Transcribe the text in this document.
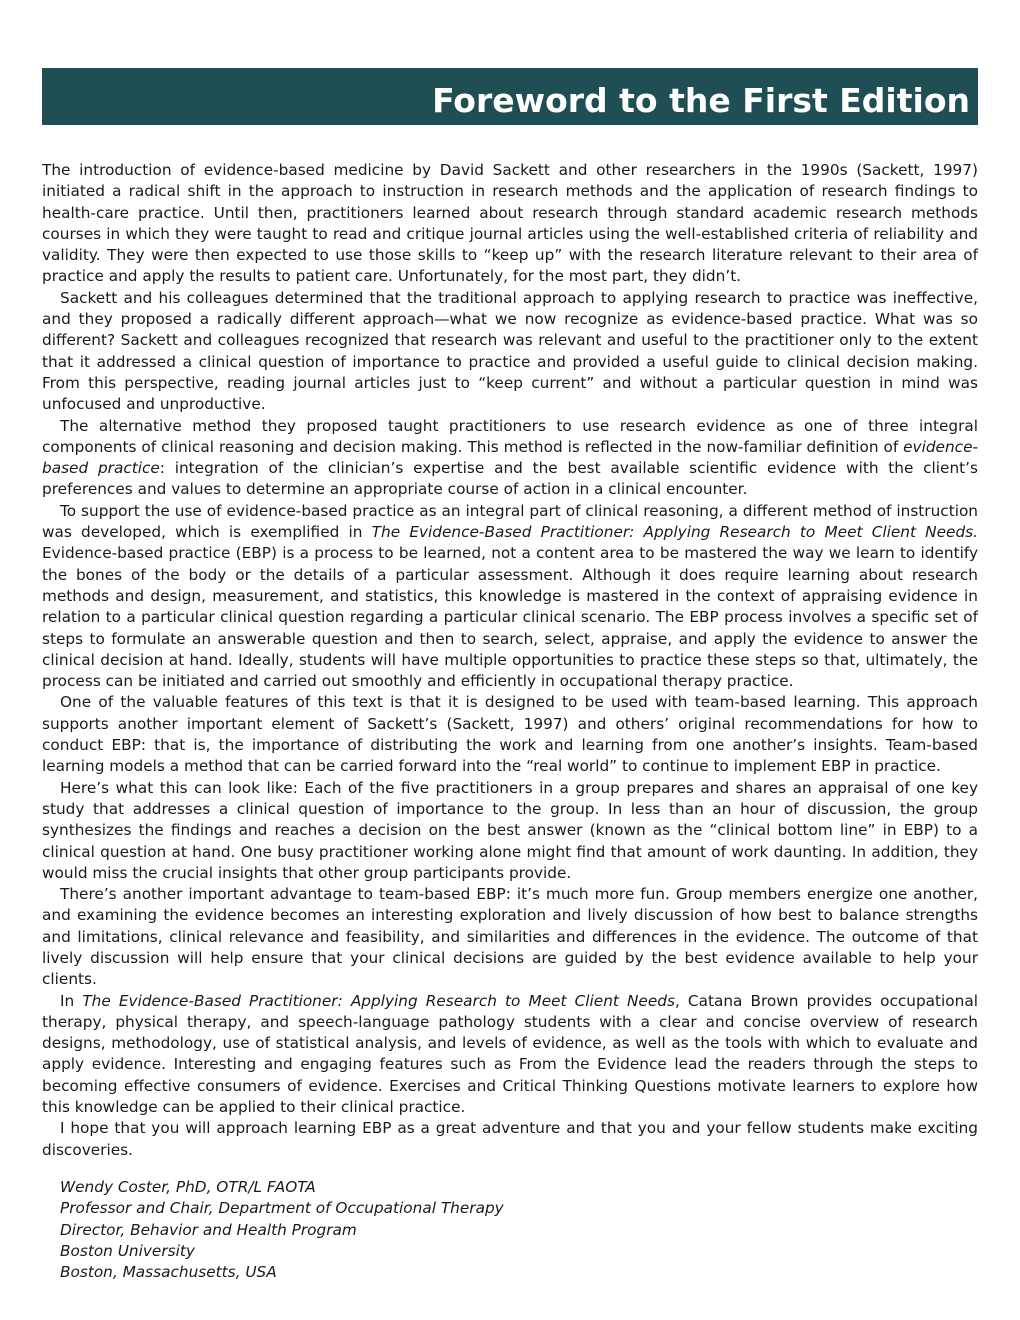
Foreword to the First Edition

The introduction of evidence-based medicine by David Sackett and other researchers in the 1990s (Sackett, 1997) initiated a radical shift in the approach to instruction in research methods and the application of research findings to health-care practice. Until then, practitioners learned about research through standard academic research methods courses in which they were taught to read and critique journal articles using the well-established criteria of reliability and validity. They were then expected to use those skills to “keep up” with the research literature relevant to their area of practice and apply the results to patient care. Unfortunately, for the most part, they didn’t.

Sackett and his colleagues determined that the traditional approach to applying research to practice was ineffective, and they proposed a radically different approach—what we now recognize as evidence-based practice. What was so different? Sackett and colleagues recognized that research was relevant and useful to the practitioner only to the extent that it addressed a clinical question of importance to practice and provided a useful guide to clinical decision making. From this perspective, reading journal articles just to “keep current” and without a particular question in mind was unfocused and unproductive.

The alternative method they proposed taught practitioners to use research evidence as one of three integral components of clinical reasoning and decision making. This method is reflected in the now-familiar definition of evidence-based practice: integration of the clinician’s expertise and the best available scientific evidence with the client’s preferences and values to determine an appropriate course of action in a clinical encounter.

To support the use of evidence-based practice as an integral part of clinical reasoning, a different method of instruction was developed, which is exemplified in The Evidence-Based Practitioner: Applying Research to Meet Client Needs. Evidence-based practice (EBP) is a process to be learned, not a content area to be mastered the way we learn to identify the bones of the body or the details of a particular assessment. Although it does require learning about research methods and design, measurement, and statistics, this knowledge is mastered in the context of appraising evidence in relation to a particular clinical question regarding a particular clinical scenario. The EBP process involves a specific set of steps to formulate an answerable question and then to search, select, appraise, and apply the evidence to answer the clinical decision at hand. Ideally, students will have multiple opportunities to practice these steps so that, ultimately, the process can be initiated and carried out smoothly and efficiently in occupational therapy practice.

One of the valuable features of this text is that it is designed to be used with team-based learning. This approach supports another important element of Sackett’s (Sackett, 1997) and others’ original recommendations for how to conduct EBP: that is, the importance of distributing the work and learning from one another’s insights. Team-based learning models a method that can be carried forward into the “real world” to continue to implement EBP in practice.

Here’s what this can look like: Each of the five practitioners in a group prepares and shares an appraisal of one key study that addresses a clinical question of importance to the group. In less than an hour of discussion, the group synthesizes the findings and reaches a decision on the best answer (known as the “clinical bottom line” in EBP) to a clinical question at hand. One busy practitioner working alone might find that amount of work daunting. In addition, they would miss the crucial insights that other group participants provide.

There’s another important advantage to team-based EBP: it’s much more fun. Group members energize one another, and examining the evidence becomes an interesting exploration and lively discussion of how best to balance strengths and limitations, clinical relevance and feasibility, and similarities and differences in the evidence. The outcome of that lively discussion will help ensure that your clinical decisions are guided by the best evidence available to help your clients.

In The Evidence-Based Practitioner: Applying Research to Meet Client Needs, Catana Brown provides occupational therapy, physical therapy, and speech-language pathology students with a clear and concise overview of research designs, methodology, use of statistical analysis, and levels of evidence, as well as the tools with which to evaluate and apply evidence. Interesting and engaging features such as From the Evidence lead the readers through the steps to becoming effective consumers of evidence. Exercises and Critical Thinking Questions motivate learners to explore how this knowledge can be applied to their clinical practice.

I hope that you will approach learning EBP as a great adventure and that you and your fellow students make exciting discoveries.

Wendy Coster, PhD, OTR/L FAOTA
Professor and Chair, Department of Occupational Therapy
Director, Behavior and Health Program
Boston University
Boston, Massachusetts, USA
